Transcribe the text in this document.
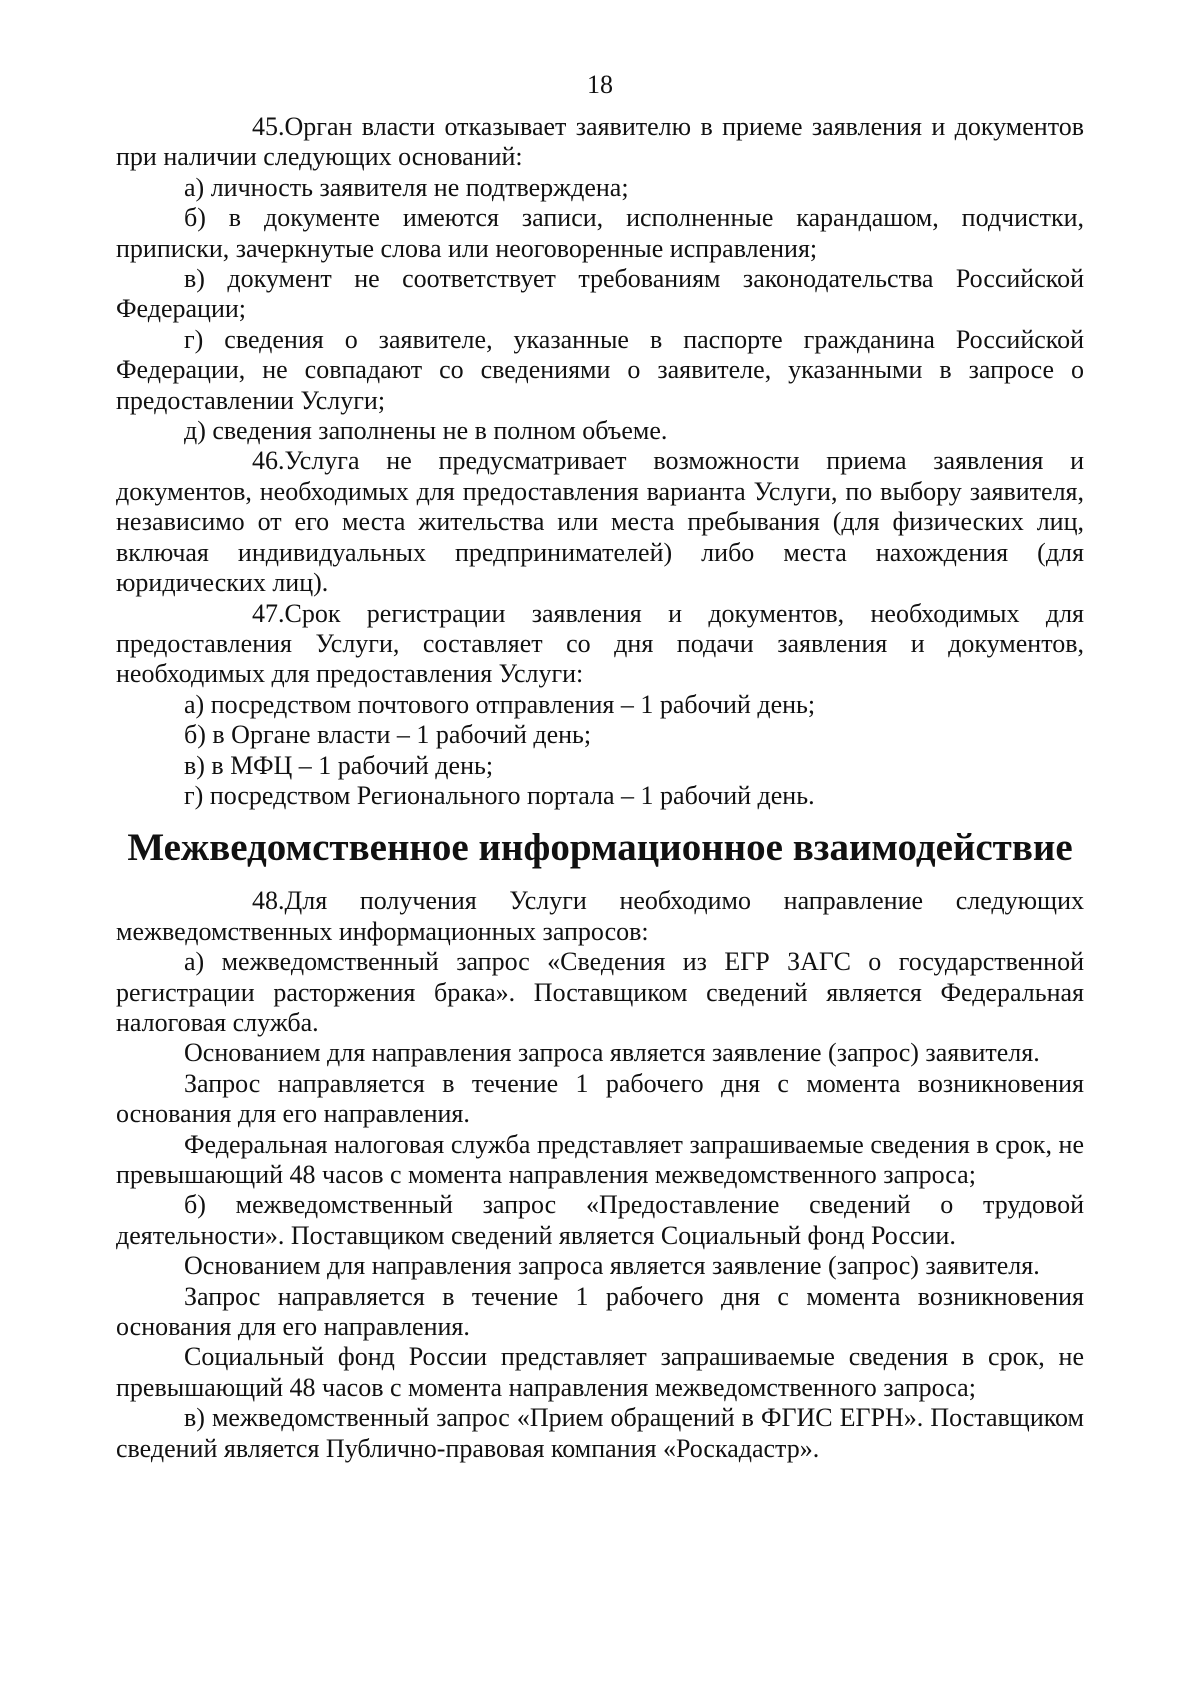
18

45.Орган власти отказывает заявителю в приеме заявления и документов при наличии следующих оснований:

а) личность заявителя не подтверждена;

б) в документе имеются записи, исполненные карандашом, подчистки, приписки, зачеркнутые слова или неоговоренные исправления;

в) документ не соответствует требованиям законодательства Российской Федерации;

г) сведения о заявителе, указанные в паспорте гражданина Российской Федерации, не совпадают со сведениями о заявителе, указанными в запросе о предоставлении Услуги;

д) сведения заполнены не в полном объеме.

46.Услуга не предусматривает возможности приема заявления и документов, необходимых для предоставления варианта Услуги, по выбору заявителя, независимо от его места жительства или места пребывания (для физических лиц, включая индивидуальных предпринимателей) либо места нахождения (для юридических лиц).

47.Срок регистрации заявления и документов, необходимых для предоставления Услуги, составляет со дня подачи заявления и документов, необходимых для предоставления Услуги:

а) посредством почтового отправления – 1 рабочий день;

б) в Органе власти – 1 рабочий день;

в) в МФЦ – 1 рабочий день;

г) посредством Регионального портала – 1 рабочий день.

Межведомственное информационное взаимодействие

48.Для получения Услуги необходимо направление следующих межведомственных информационных запросов:

а) межведомственный запрос «Сведения из ЕГР ЗАГС о государственной регистрации расторжения брака». Поставщиком сведений является Федеральная налоговая служба.

Основанием для направления запроса является заявление (запрос) заявителя.

Запрос направляется в течение 1 рабочего дня с момента возникновения основания для его направления.

Федеральная налоговая служба представляет запрашиваемые сведения в срок, не превышающий 48 часов с момента направления межведомственного запроса;

б) межведомственный запрос «Предоставление сведений о трудовой деятельности». Поставщиком сведений является Социальный фонд России.

Основанием для направления запроса является заявление (запрос) заявителя.

Запрос направляется в течение 1 рабочего дня с момента возникновения основания для его направления.

Социальный фонд России представляет запрашиваемые сведения в срок, не превышающий 48 часов с момента направления межведомственного запроса;

в) межведомственный запрос «Прием обращений в ФГИС ЕГРН». Поставщиком сведений является Публично-правовая компания «Роскадастр».
